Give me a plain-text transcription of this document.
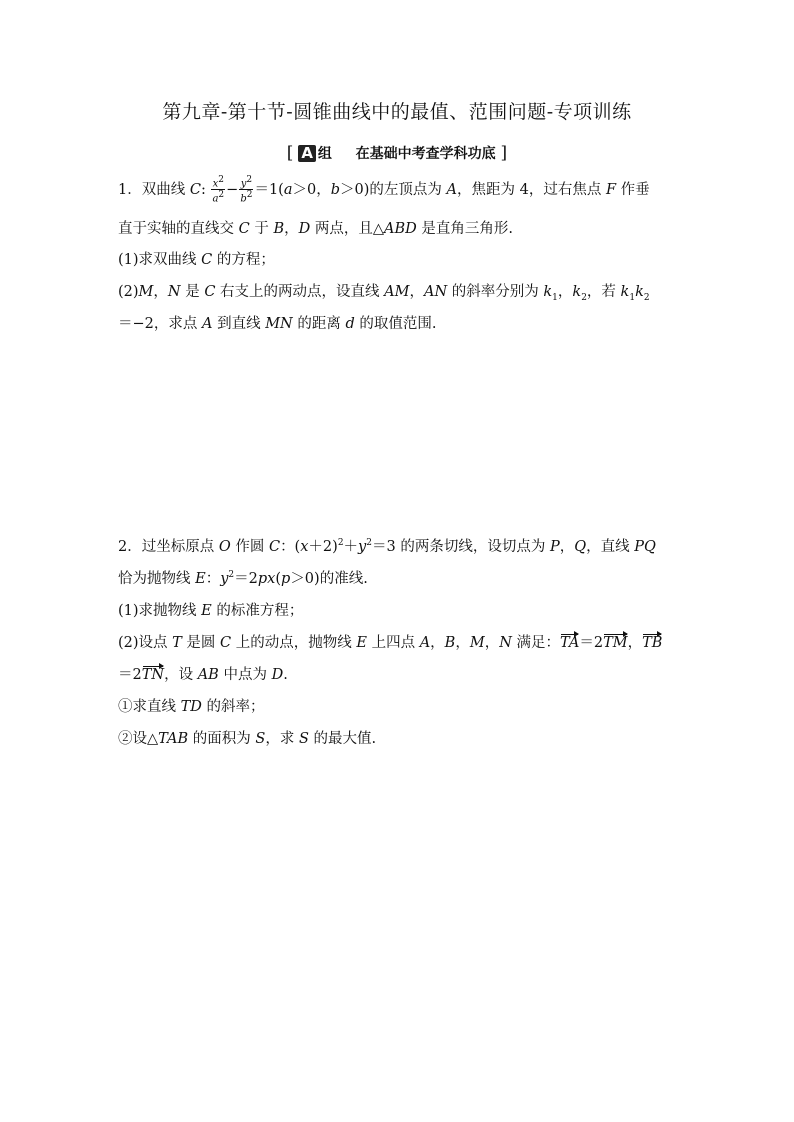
第九章-第十节-圆锥曲线中的最值、范围问题-专项训练
[ A 组 在基础中考查学科功底 ]
1．双曲线 C: $\frac{x^2}{a^2} - \frac{y^2}{b^2} =1(a>0$，b＞0)的左顶点为 A，焦距为 4，过右焦点 F 作垂
直于实轴的直线交 C 于 B，D 两点，且△ABD 是直角三角形.
(1)求双曲线 C 的方程；
(2)M，N 是 C 右支上的两动点，设直线 AM，AN 的斜率分别为 $k_1$，$k_2$，若 $k_1k_2$
＝−2，求点 A 到直线 MN 的距离 d 的取值范围.
2．过坐标原点 O 作圆 C：$(x+2)^2+y^2=3$ 的两条切线，设切点为 P，Q，直线 PQ
恰为抛物线 E：$y^2=2px(p>0)$的准线.
(1)求抛物线 E 的标准方程；
(2)设点 T 是圆 C 上的动点，抛物线 E 上四点 A，B，M，N 满足：TA＝2TM，TB
＝2TN，设 AB 中点为 D.
①求直线 TD 的斜率；
②设△TAB 的面积为 S，求 S 的最大值.
